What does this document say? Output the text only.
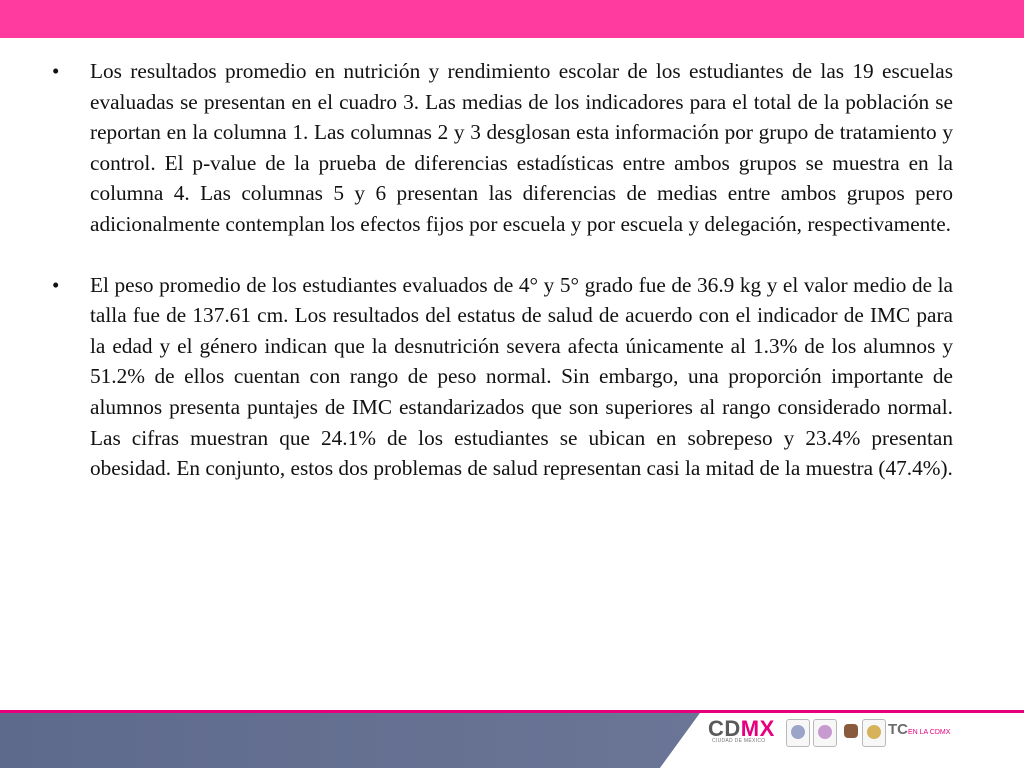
• Los resultados promedio en nutrición y rendimiento escolar de los estudiantes de las 19 escuelas evaluadas se presentan en el cuadro 3. Las medias de los indicadores para el total de la población se reportan en la columna 1. Las columnas 2 y 3 desglosan esta información por grupo de tratamiento y control. El p-value de la prueba de diferencias estadísticas entre ambos grupos se muestra en la columna 4. Las columnas 5 y 6 presentan las diferencias de medias entre ambos grupos pero adicionalmente contemplan los efectos fijos por escuela y por escuela y delegación, respectivamente.

• El peso promedio de los estudiantes evaluados de 4° y 5° grado fue de 36.9 kg y el valor medio de la talla fue de 137.61 cm. Los resultados del estatus de salud de acuerdo con el indicador de IMC para la edad y el género indican que la desnutrición severa afecta únicamente al 1.3% de los alumnos y 51.2% de ellos cuentan con rango de peso normal. Sin embargo, una proporción importante de alumnos presenta puntajes de IMC estandarizados que son superiores al rango considerado normal. Las cifras muestran que 24.1% de los estudiantes se ubican en sobrepeso y 23.4% presentan obesidad. En conjunto, estos dos problemas de salud representan casi la mitad de la muestra (47.4%).

CDMX
CIUDAD DE MÉXICO
TCEN LA CDMX
